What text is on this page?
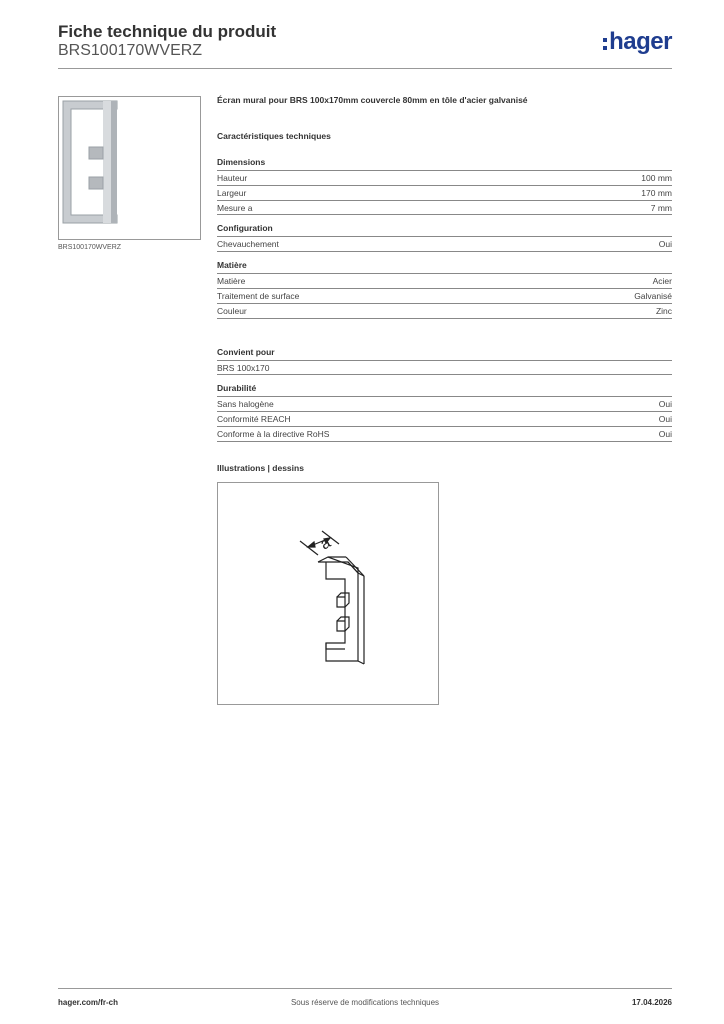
Fiche technique du produit
BRS100170WVERZ	hager
BRS100170WVERZ
Écran mural pour BRS 100x170mm couvercle 80mm en tôle d'acier galvanisé
Caractéristiques techniques
Dimensions
Hauteur	100 mm
Largeur	170 mm
Mesure a	7 mm
Configuration
Chevauchement	Oui
Matière
Matière	Acier
Traitement de surface	Galvanisé
Couleur	Zinc
Convient pour
BRS 100x170
Durabilité
Sans halogène	Oui
Conformité REACH	Oui
Conforme à la directive RoHS	Oui
Illustrations | dessins
a
hager.com/fr-ch	Sous réserve de modifications techniques	17.04.2026
